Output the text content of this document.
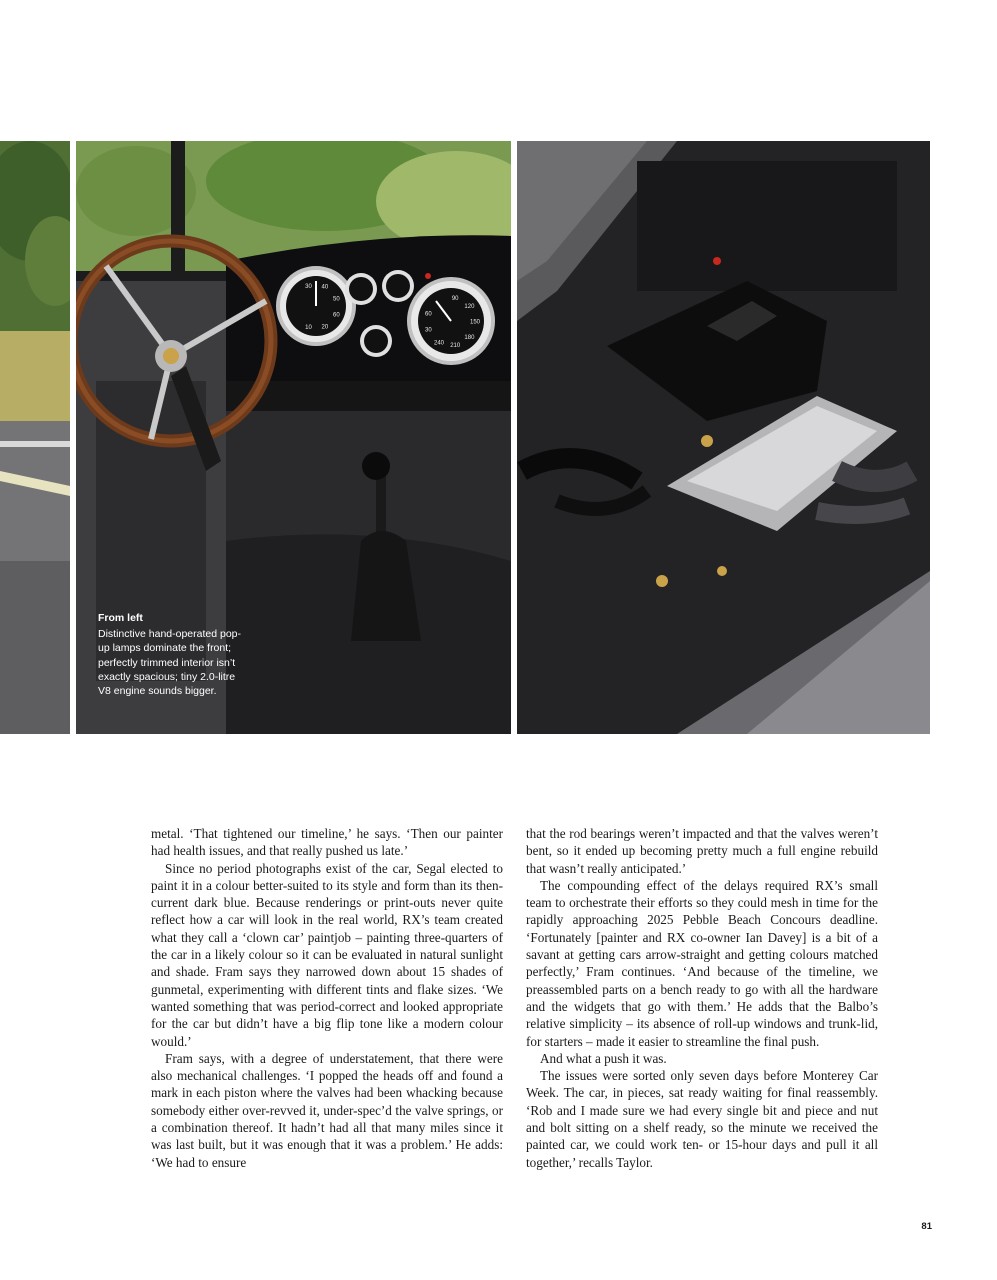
30 40
50
60
20
10
90
120
150
180
210
240
30
60
From left
Distinctive hand-operated pop-up lamps dominate the front; perfectly trimmed interior isn’t exactly spacious; tiny 2.0-litre V8 engine sounds bigger.

metal. ‘That tightened our timeline,’ he says. ‘Then our painter had health issues, and that really pushed us late.’

Since no period photographs exist of the car, Segal elected to paint it in a colour better-suited to its style and form than its then-current dark blue. Because renderings or print-outs never quite reflect how a car will look in the real world, RX’s team created what they call a ‘clown car’ paintjob – painting three-quarters of the car in a likely colour so it can be evaluated in natural sunlight and shade. Fram says they narrowed down about 15 shades of gunmetal, experimenting with different tints and flake sizes. ‘We wanted something that was period-correct and looked appropriate for the car but didn’t have a big flip tone like a modern colour would.’

Fram says, with a degree of understatement, that there were also mechanical challenges. ‘I popped the heads off and found a mark in each piston where the valves had been whacking because somebody either over-revved it, under-spec’d the valve springs, or a combination thereof. It hadn’t had all that many miles since it was last built, but it was enough that it was a problem.’ He adds: ‘We had to ensure

that the rod bearings weren’t impacted and that the valves weren’t bent, so it ended up becoming pretty much a full engine rebuild that wasn’t really anticipated.’

The compounding effect of the delays required RX’s small team to orchestrate their efforts so they could mesh in time for the rapidly approaching 2025 Pebble Beach Concours deadline. ‘Fortunately [painter and RX co-owner Ian Davey] is a bit of a savant at getting cars arrow-straight and getting colours matched perfectly,’ Fram continues. ‘And because of the timeline, we preassembled parts on a bench ready to go with all the hardware and the widgets that go with them.’ He adds that the Balbo’s relative simplicity – its absence of roll-up windows and trunk-lid, for starters – made it easier to streamline the final push.

And what a push it was.

The issues were sorted only seven days before Monterey Car Week. The car, in pieces, sat ready waiting for final reassembly. ‘Rob and I made sure we had every single bit and piece and nut and bolt sitting on a shelf ready, so the minute we received the painted car, we could work ten- or 15-hour days and pull it all together,’ recalls Taylor.

81
